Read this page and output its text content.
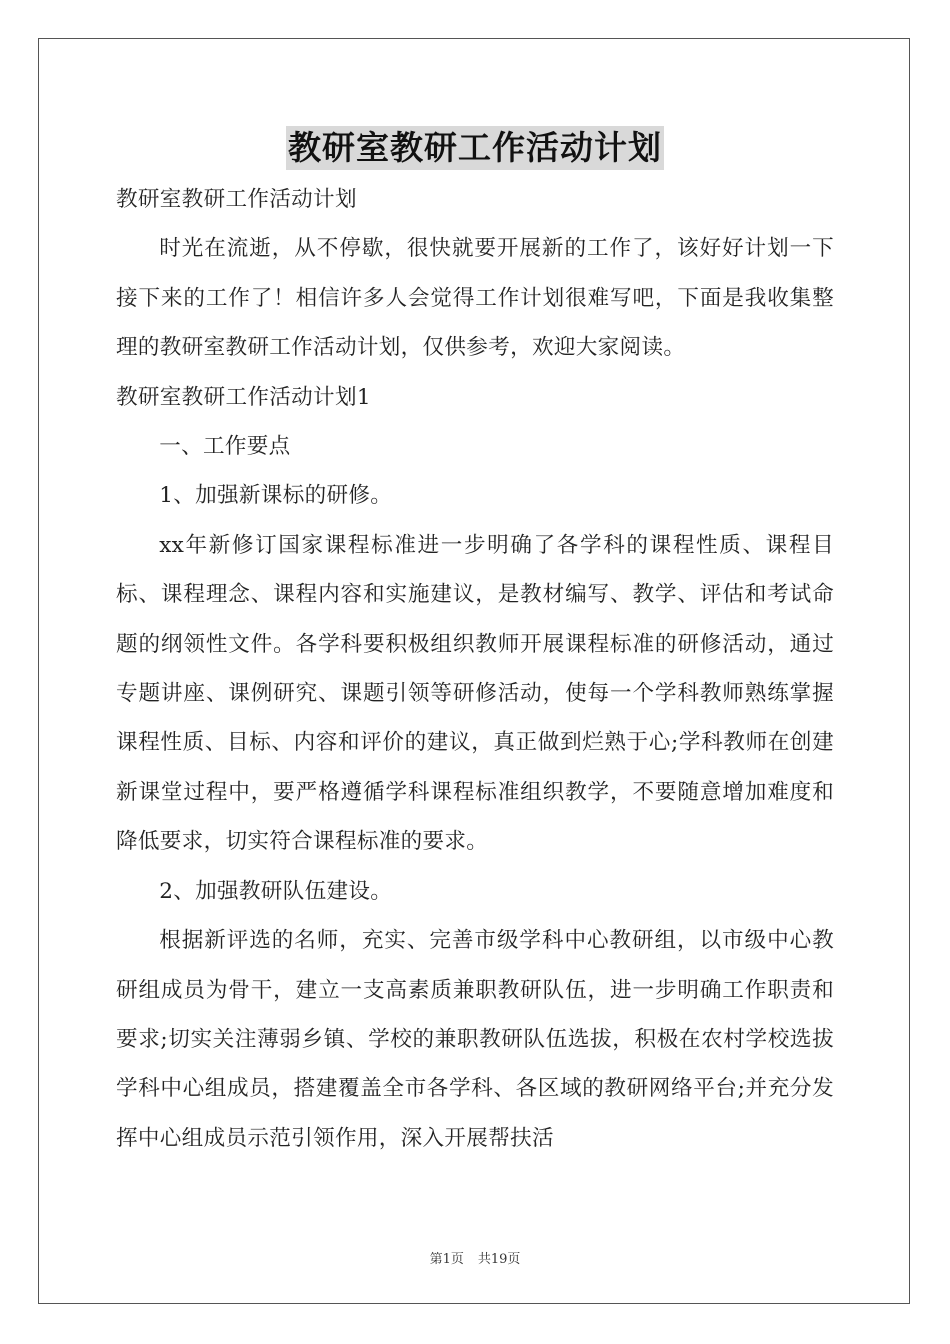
教研室教研工作活动计划

教研室教研工作活动计划

时光在流逝，从不停歇，很快就要开展新的工作了，该好好计划一下接下来的工作了！相信许多人会觉得工作计划很难写吧，下面是我收集整理的教研室教研工作活动计划，仅供参考，欢迎大家阅读。

教研室教研工作活动计划1

一、工作要点

1、加强新课标的研修。

xx年新修订国家课程标准进一步明确了各学科的课程性质、课程目标、课程理念、课程内容和实施建议，是教材编写、教学、评估和考试命题的纲领性文件。各学科要积极组织教师开展课程标准的研修活动，通过专题讲座、课例研究、课题引领等研修活动，使每一个学科教师熟练掌握课程性质、目标、内容和评价的建议，真正做到烂熟于心;学科教师在创建新课堂过程中，要严格遵循学科课程标准组织教学，不要随意增加难度和降低要求，切实符合课程标准的要求。

2、加强教研队伍建设。

根据新评选的名师，充实、完善市级学科中心教研组，以市级中心教研组成员为骨干，建立一支高素质兼职教研队伍，进一步明确工作职责和要求;切实关注薄弱乡镇、学校的兼职教研队伍选拔，积极在农村学校选拔学科中心组成员，搭建覆盖全市各学科、各区域的教研网络平台;并充分发挥中心组成员示范引领作用，深入开展帮扶活

第1页 共19页
